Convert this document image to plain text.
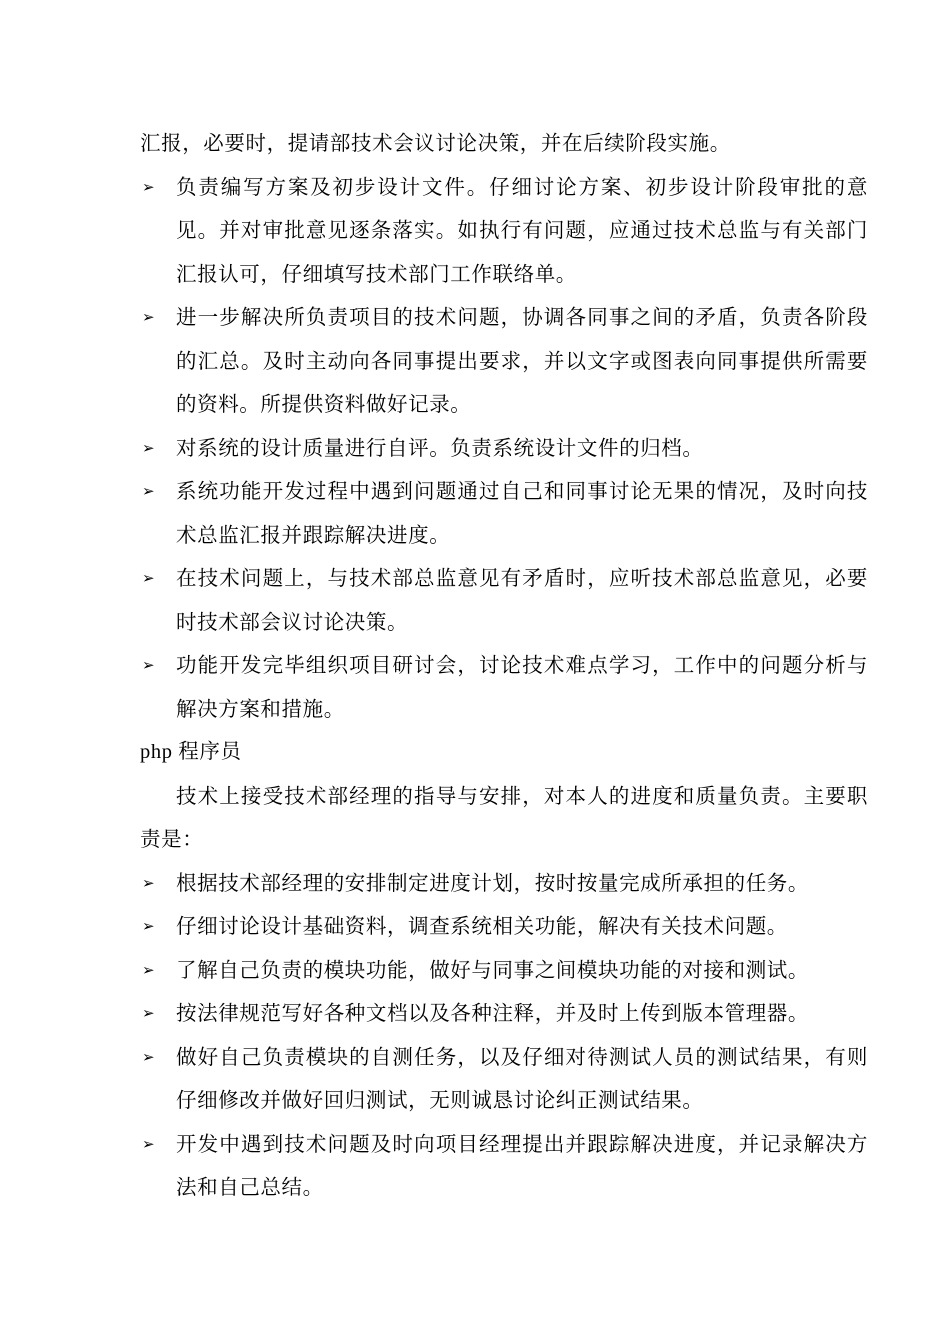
汇报，必要时，提请部技术会议讨论决策，并在后续阶段实施。

➢	负责编写方案及初步设计文件。仔细讨论方案、初步设计阶段审批的意见。并对审批意见逐条落实。如执行有问题，应通过技术总监与有关部门汇报认可，仔细填写技术部门工作联络单。
➢	进一步解决所负责项目的技术问题，协调各同事之间的矛盾，负责各阶段的汇总。及时主动向各同事提出要求，并以文字或图表向同事提供所需要的资料。所提供资料做好记录。
➢	对系统的设计质量进行自评。负责系统设计文件的归档。
➢	系统功能开发过程中遇到问题通过自己和同事讨论无果的情况，及时向技术总监汇报并跟踪解决进度。
➢	在技术问题上，与技术部总监意见有矛盾时，应听技术部总监意见，必要时技术部会议讨论决策。
➢	功能开发完毕组织项目研讨会，讨论技术难点学习，工作中的问题分析与解决方案和措施。

php 程序员

技术上接受技术部经理的指导与安排，对本人的进度和质量负责。主要职责是：

➢	根据技术部经理的安排制定进度计划，按时按量完成所承担的任务。
➢	仔细讨论设计基础资料，调查系统相关功能，解决有关技术问题。
➢	了解自己负责的模块功能，做好与同事之间模块功能的对接和测试。
➢	按法律规范写好各种文档以及各种注释，并及时上传到版本管理器。
➢	做好自己负责模块的自测任务，以及仔细对待测试人员的测试结果，有则仔细修改并做好回归测试，无则诚恳讨论纠正测试结果。
➢	开发中遇到技术问题及时向项目经理提出并跟踪解决进度，并记录解决方法和自己总结。
